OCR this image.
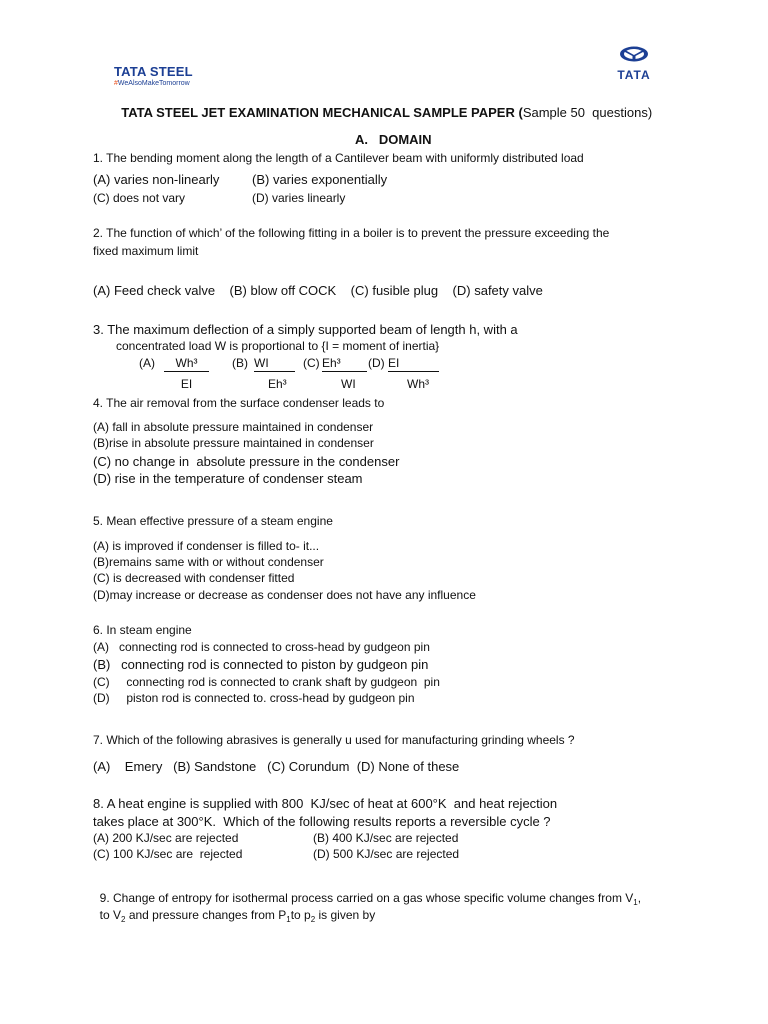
TATA STEEL
#WeAlsoMakeTomorrow
TATA

TATA STEEL JET EXAMINATION MECHANICAL SAMPLE PAPER (Sample 50  questions)

A.   DOMAIN
1. The bending moment along the length of a Cantilever beam with uniformly distributed load
(A) varies non-linearly	(B) varies exponentially
(C) does not vary	(D) varies linearly
2. The function of which’ of the following fitting in a boiler is to prevent the pressure exceeding the
fixed maximum limit
(A) Feed check valve    (B) blow off COCK    (C) fusible plug    (D) safety valve
3. The maximum deflection of a simply supported beam of length h, with a
concentrated load W is proportional to {I = moment of inertia}
$(A) \frac{\text{Wh³}}{EI} (B) \frac{WI}{\text{Eh³}} (C) \frac{\text{Eh³}}{WI} (D) \frac{EI}{\text{Wh³}}$
4. The air removal from the surface condenser leads to
(A) fall in absolute pressure maintained in condenser
(B)rise in absolute pressure maintained in condenser
(C) no change in  absolute pressure in the condenser
(D) rise in the temperature of condenser steam
5. Mean effective pressure of a steam engine
(A) is improved if condenser is filled to- it...
(B)remains same with or without condenser
(C) is decreased with condenser fitted
(D)may increase or decrease as condenser does not have any influence
6. In steam engine
(A)   connecting rod is connected to cross-head by gudgeon pin
(B)   connecting rod is connected to piston by gudgeon pin
(C)     connecting rod is connected to crank shaft by gudgeon  pin
(D)     piston rod is connected to. cross-head by gudgeon pin
7. Which of the following abrasives is generally u used for manufacturing grinding wheels ?
(A)    Emery   (B) Sandstone   (C) Corundum  (D) None of these
8. A heat engine is supplied with 800  KJ/sec of heat at 600°K  and heat rejection
takes place at 300°K.  Which of the following results reports a reversible cycle ?
(A) 200 KJ/sec are rejected	(B) 400 KJ/sec are rejected
(C) 100 KJ/sec are  rejected	(D) 500 KJ/sec are rejected

9. Change of entropy for isothermal process carried on a gas whose specific volume changes from $V_1$,

to $V_2$ and pressure changes from $P_1to$ $p_2$ is given by
